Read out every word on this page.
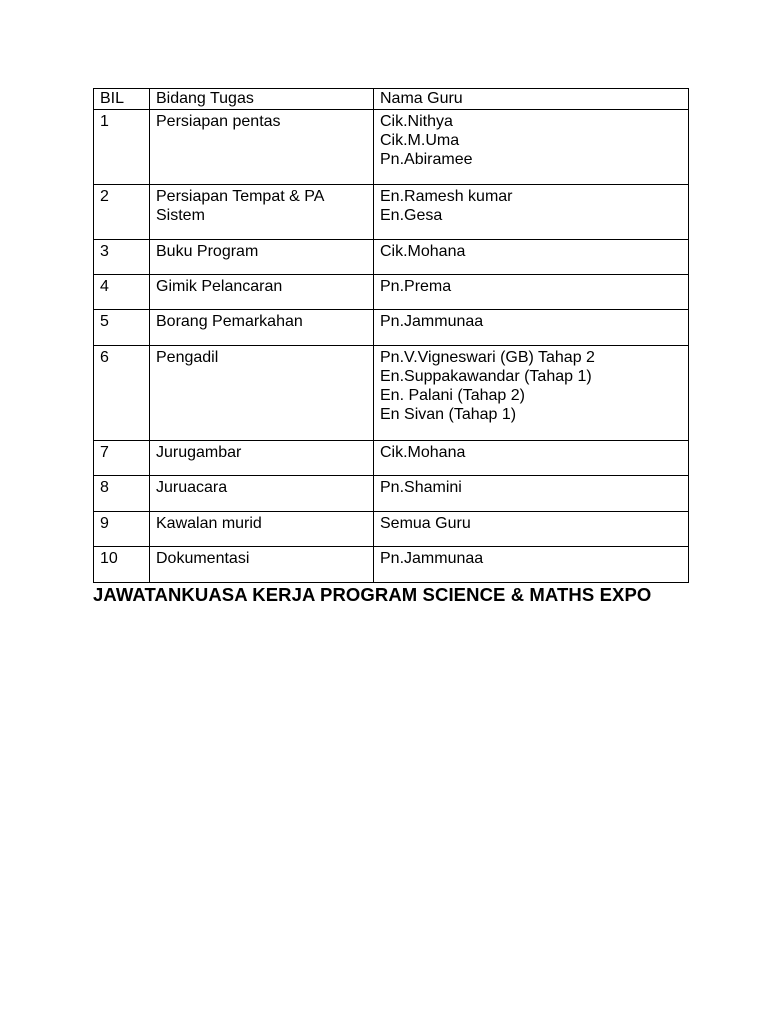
BIL	Bidang Tugas	Nama Guru
1	Persiapan pentas	Cik.Nithya
Cik.M.Uma
Pn.Abiramee

2	Persiapan Tempat & PA Sistem	En.Ramesh kumar
En.Gesa

3	Buku Program	Cik.Mohana

4	Gimik Pelancaran	Pn.Prema

5	Borang Pemarkahan	Pn.Jammunaa

6	Pengadil	Pn.V.Vigneswari (GB) Tahap 2
En.Suppakawandar (Tahap 1)
En. Palani (Tahap 2)
En Sivan (Tahap 1)

7	Jurugambar	Cik.Mohana

8	Juruacara	Pn.Shamini

9	Kawalan murid	Semua Guru

10	Dokumentasi	Pn.Jammunaa
JAWATANKUASA KERJA PROGRAM SCIENCE & MATHS EXPO
